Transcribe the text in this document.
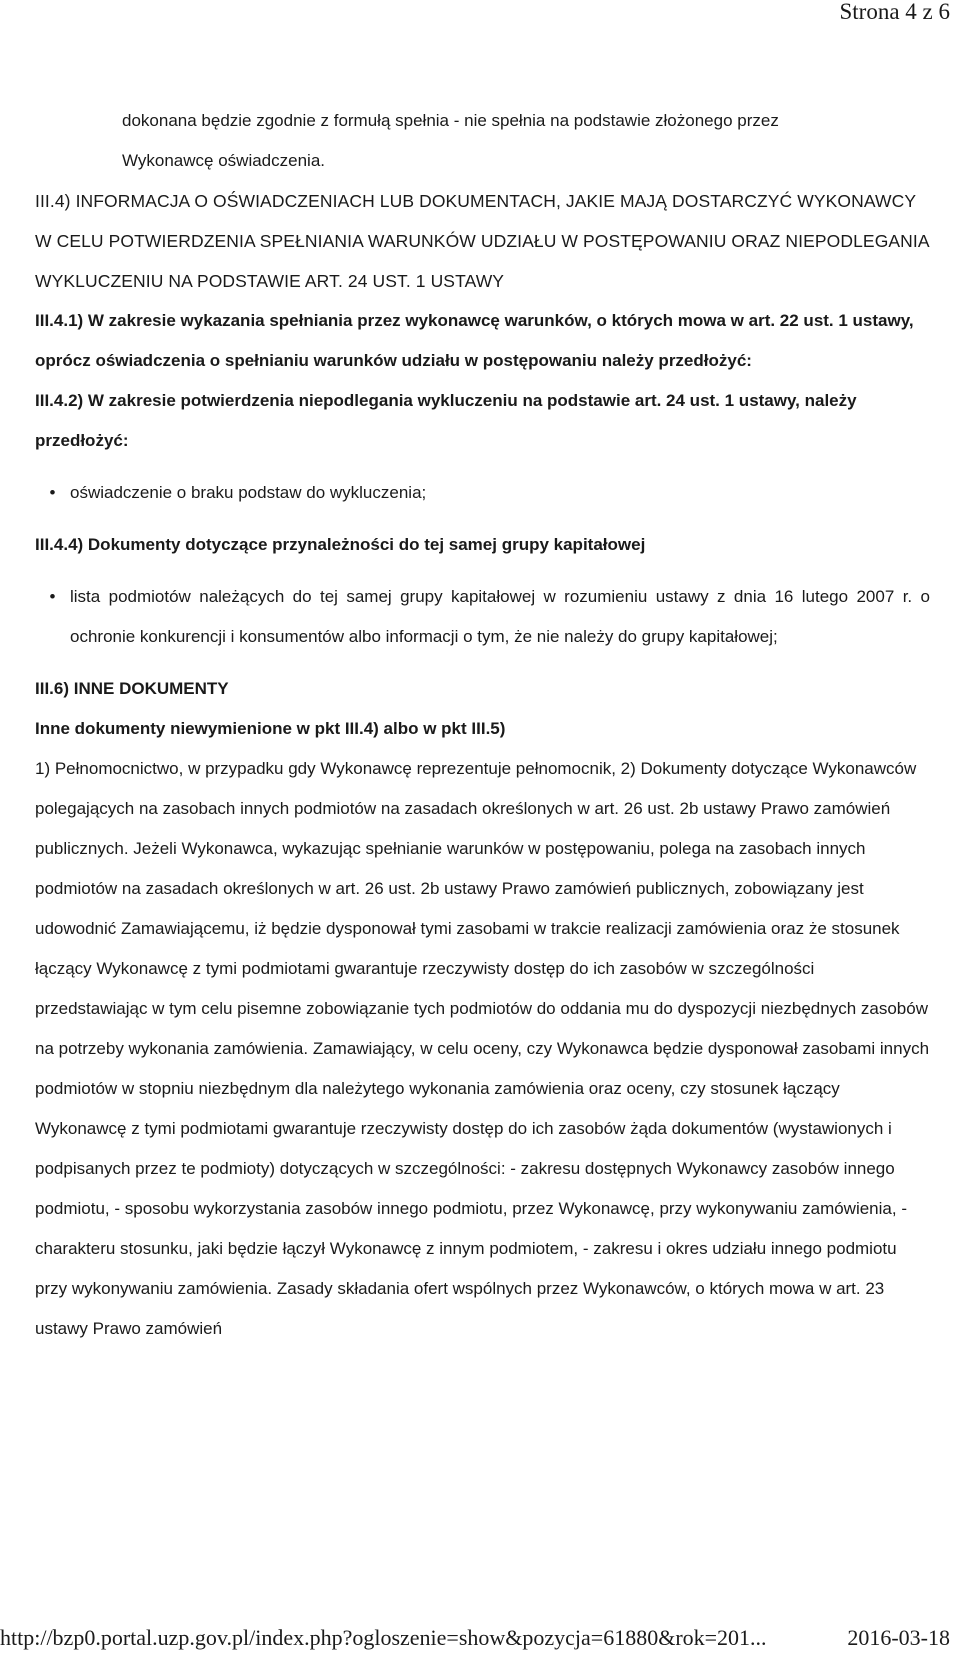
Strona 4 z 6

dokonana będzie zgodnie z formułą spełnia - nie spełnia na podstawie złożonego przez

Wykonawcę oświadczenia.

III.4) INFORMACJA O OŚWIADCZENIACH LUB DOKUMENTACH, JAKIE MAJĄ DOSTARCZYĆ WYKONAWCY W CELU POTWIERDZENIA SPEŁNIANIA WARUNKÓW UDZIAŁU W POSTĘPOWANIU ORAZ NIEPODLEGANIA WYKLUCZENIU NA PODSTAWIE ART. 24 UST. 1 USTAWY

III.4.1) W zakresie wykazania spełniania przez wykonawcę warunków, o których mowa w art. 22 ust. 1 ustawy, oprócz oświadczenia o spełnianiu warunków udziału w postępowaniu należy przedłożyć:

III.4.2) W zakresie potwierdzenia niepodlegania wykluczeniu na podstawie art. 24 ust. 1 ustawy, należy przedłożyć:

• oświadczenie o braku podstaw do wykluczenia;

III.4.4) Dokumenty dotyczące przynależności do tej samej grupy kapitałowej

• lista podmiotów należących do tej samej grupy kapitałowej w rozumieniu ustawy z dnia 16 lutego 2007 r. o ochronie konkurencji i konsumentów albo informacji o tym, że nie należy do grupy kapitałowej;

III.6) INNE DOKUMENTY

Inne dokumenty niewymienione w pkt III.4) albo w pkt III.5)

1) Pełnomocnictwo, w przypadku gdy Wykonawcę reprezentuje pełnomocnik, 2) Dokumenty dotyczące Wykonawców polegających na zasobach innych podmiotów na zasadach określonych w art. 26 ust. 2b ustawy Prawo zamówień publicznych. Jeżeli Wykonawca, wykazując spełnianie warunków w postępowaniu, polega na zasobach innych podmiotów na zasadach określonych w art. 26 ust. 2b ustawy Prawo zamówień publicznych, zobowiązany jest udowodnić Zamawiającemu, iż będzie dysponował tymi zasobami w trakcie realizacji zamówienia oraz że stosunek łączący Wykonawcę z tymi podmiotami gwarantuje rzeczywisty dostęp do ich zasobów w szczególności przedstawiając w tym celu pisemne zobowiązanie tych podmiotów do oddania mu do dyspozycji niezbędnych zasobów na potrzeby wykonania zamówienia. Zamawiający, w celu oceny, czy Wykonawca będzie dysponował zasobami innych podmiotów w stopniu niezbędnym dla należytego wykonania zamówienia oraz oceny, czy stosunek łączący Wykonawcę z tymi podmiotami gwarantuje rzeczywisty dostęp do ich zasobów żąda dokumentów (wystawionych i podpisanych przez te podmioty) dotyczących w szczególności: - zakresu dostępnych Wykonawcy zasobów innego podmiotu, - sposobu wykorzystania zasobów innego podmiotu, przez Wykonawcę, przy wykonywaniu zamówienia, - charakteru stosunku, jaki będzie łączył Wykonawcę z innym podmiotem, - zakresu i okres udziału innego podmiotu przy wykonywaniu zamówienia. Zasady składania ofert wspólnych przez Wykonawców, o których mowa w art. 23 ustawy Prawo zamówień

http://bzp0.portal.uzp.gov.pl/index.php?ogloszenie=show&pozycja=61880&rok=201...	2016-03-18
